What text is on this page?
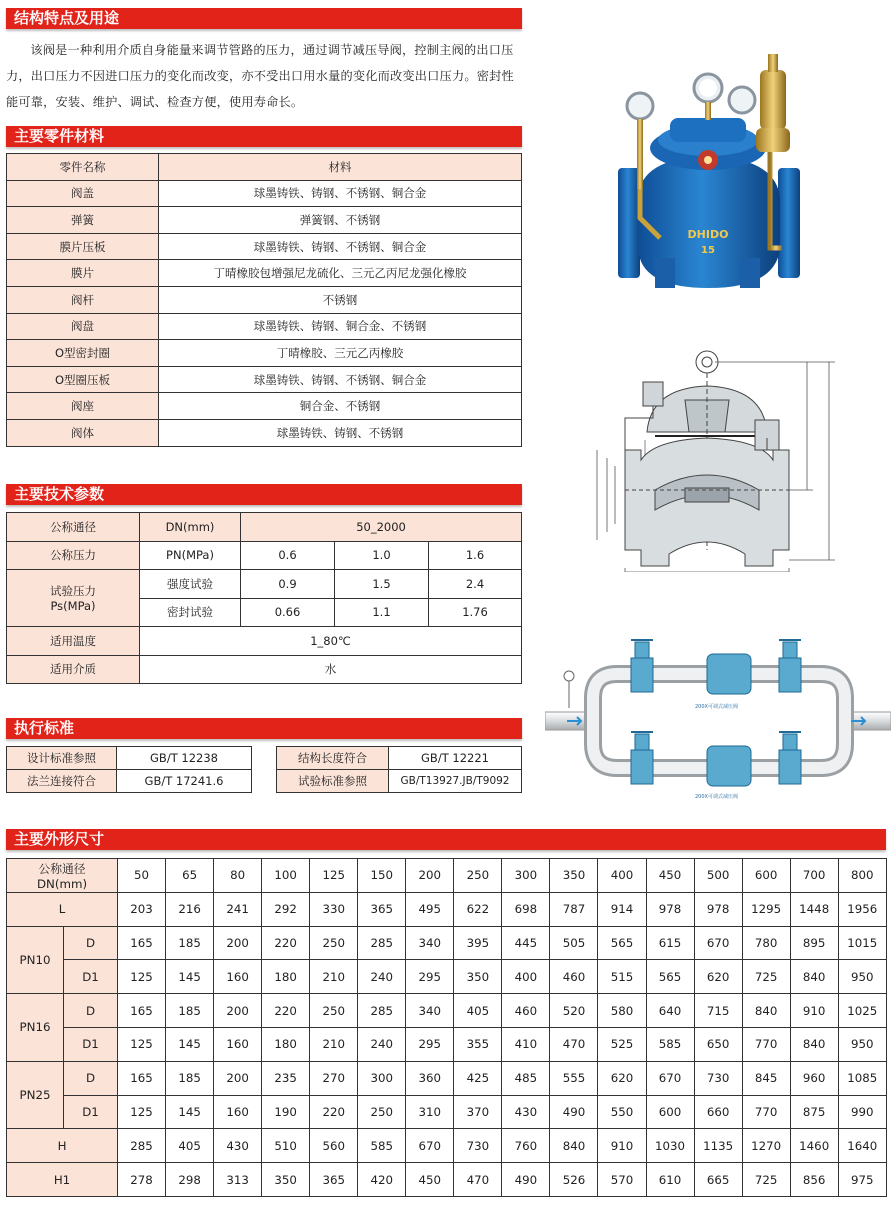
结构特点及用途

该阀是一种利用介质自身能量来调节管路的压力，通过调节减压导阀，控制主阀的出口压力，出口压力不因进口压力的变化而改变，亦不受出口用水量的变化而改变出口压力。密封性能可靠，安装、维护、调试、检查方便，使用寿命长。

主要零件材料
零件名称	材料
阀盖	球墨铸铁、铸钢、不锈钢、铜合金
弹簧	弹簧钢、不锈钢
膜片压板	球墨铸铁、铸钢、不锈钢、铜合金
膜片	丁晴橡胶包增强尼龙硫化、三元乙丙尼龙强化橡胶
阀杆	不锈钢
阀盘	球墨铸铁、铸钢、铜合金、不锈钢
O型密封圈	丁晴橡胶、三元乙丙橡胶
O型圈压板	球墨铸铁、铸钢、不锈钢、铜合金
阀座	铜合金、不锈钢
阀体	球墨铸铁、铸钢、不锈钢
主要技术参数
公称通径	DN(mm)	50_2000		
公称压力	PN(MPa)	0.6	1.0	1.6
试验压力
Ps(MPa)	强度试验	0.9	1.5	2.4
	密封试验	0.66	1.1	1.76
适用温度	1_80℃			
适用介质	水			
执行标准
设计标准参照	GB/T 12238
法兰连接符合	GB/T 17241.6
结构长度符合	GB/T 12221
试验标准参照	GB/T13927.JB/T9092
主要外形尺寸
公称通径
DN(mm)		50	65	80	100	125	150	200	250	300	350	400	450	500	600	700	800
L		203	216	241	292	330	365	495	622	698	787	914	978	978	1295	1448	1956
PN10	D	165	185	200	220	250	285	340	395	445	505	565	615	670	780	895	1015
	D1	125	145	160	180	210	240	295	350	400	460	515	565	620	725	840	950
PN16	D	165	185	200	220	250	285	340	405	460	520	580	640	715	840	910	1025
	D1	125	145	160	180	210	240	295	355	410	470	525	585	650	770	840	950
PN25	D	165	185	200	235	270	300	360	425	485	555	620	670	730	845	960	1085
	D1	125	145	160	190	220	250	310	370	430	490	550	600	660	770	875	990
H		285	405	430	510	560	585	670	730	760	840	910	1030	1135	1270	1460	1640
H1		278	298	313	350	365	420	450	470	490	526	570	610	665	725	856	975
DHIDO
15
200X可调式减压阀
200X可调式减压阀
